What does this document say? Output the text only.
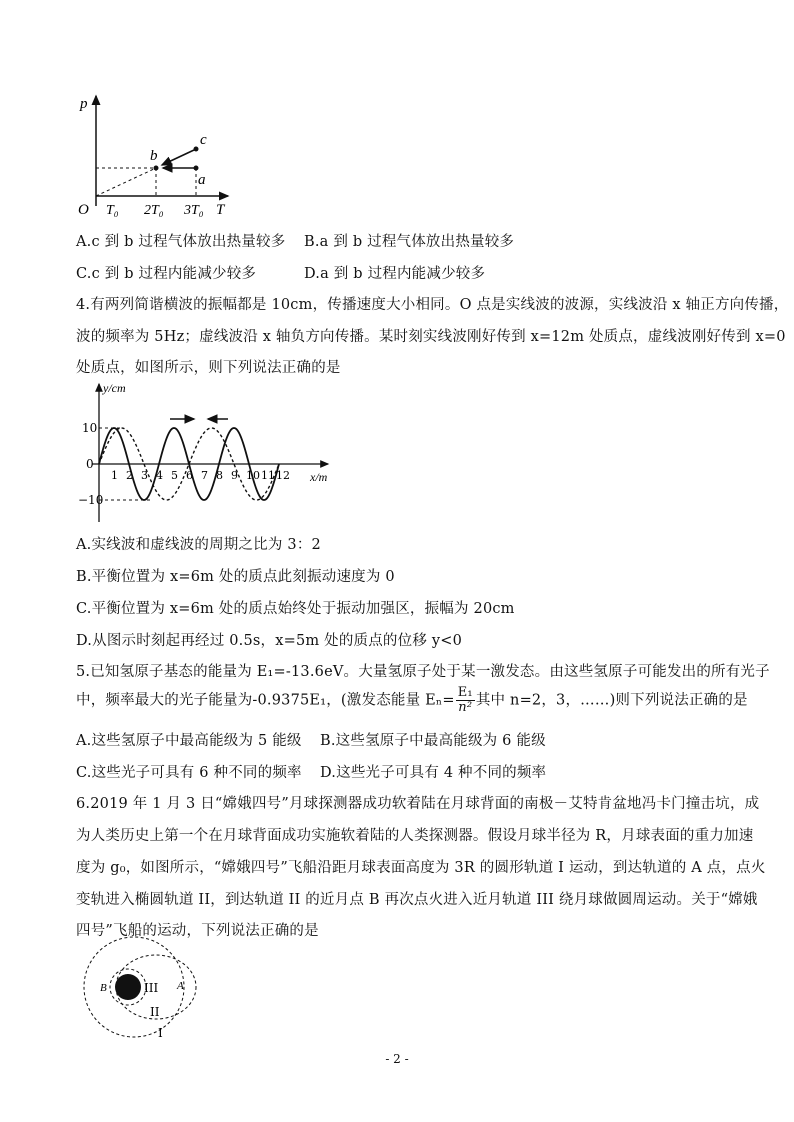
p
T
O T₀ 2T₀ 3T₀
a
b
c
A.c 到 b 过程气体放出热量较多 B.a 到 b 过程气体放出热量较多
C.c 到 b 过程内能减少较多	D.a 到 b 过程内能减少较多
4.有两列简谐横波的振幅都是 10cm，传播速度大小相同。O 点是实线波的波源，实线波沿 x 轴正方向传播，
波的频率为 5Hz；虚线波沿 x 轴负方向传播。某时刻实线波刚好传到 x=12m 处质点，虚线波刚好传到 x=0
处质点，如图所示，则下列说法正确的是
y/cm
x/m
10
0
−10
1 2 3 4 5 6 7 8 9 10 11 12
A.实线波和虚线波的周期之比为 3：2
B.平衡位置为 x=6m 处的质点此刻振动速度为 0
C.平衡位置为 x=6m 处的质点始终处于振动加强区，振幅为 20cm
D.从图示时刻起再经过 0.5s，x=5m 处的质点的位移 y<0
5.已知氢原子基态的能量为 E₁=-13.6eV。大量氢原子处于某一激发态。由这些氢原子可能发出的所有光子
中，频率最大的光子能量为-0.9375E₁，(激发态能量 $E_n= \frac{\text{E₁}}{\text{n²}}$ 其中 n=2，3，……)则下列说法正确的是
A.这些氢原子中最高能级为 5 能级 B.这些氢原子中最高能级为 6 能级
C.这些光子可具有 6 种不同的频率 D.这些光子可具有 4 种不同的频率
6.2019 年 1 月 3 日“嫦娥四号”月球探测器成功软着陆在月球背面的南极－艾特肯盆地冯卡门撞击坑，成
为人类历史上第一个在月球背面成功实施软着陆的人类探测器。假设月球半径为 R，月球表面的重力加速
度为 g₀，如图所示，“嫦娥四号”飞船沿距月球表面高度为 3R 的圆形轨道 I 运动，到达轨道的 A 点，点火
变轨进入椭圆轨道 II，到达轨道 II 的近月点 B 再次点火进入近月轨道 III 绕月球做圆周运动。关于“嫦娥
四号”飞船的运动，下列说法正确的是
B	A
III
II
I
- 2 -
